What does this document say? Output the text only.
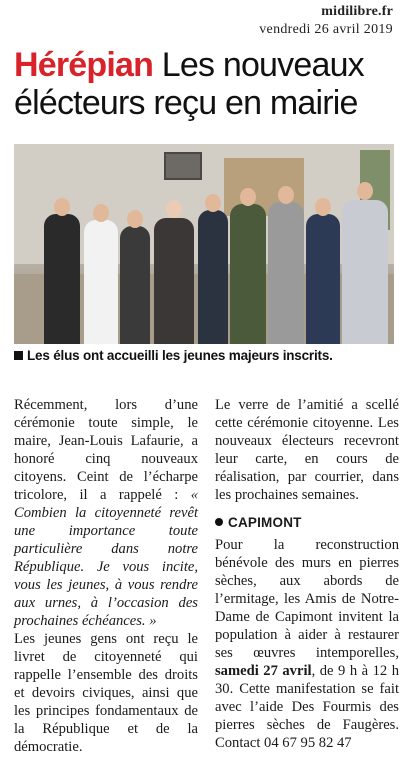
midilibre.fr
vendredi 26 avril 2019
Hérépian Les nouveaux élécteurs reçu en mairie
Les élus ont accueilli les jeunes majeurs inscrits.

Récemment, lors d’une cérémonie toute simple, le maire, Jean-Louis Lafaurie, a honoré cinq nouveaux citoyens. Ceint de l’écharpe tricolore, il a rappelé : « Combien la citoyenneté revêt une importance toute particulière dans notre République. Je vous incite, vous les jeunes, à vous rendre aux urnes, à l’occasion des prochaines échéances. »

Les jeunes gens ont reçu le livret de citoyenneté qui rappelle l’ensemble des droits et devoirs civiques, ainsi que les principes fondamentaux de la République et de la démocratie.

Le verre de l’amitié a scellé cette cérémonie citoyenne. Les nouveaux électeurs recevront leur carte, en cours de réalisation, par courrier, dans les prochaines semaines.

CAPIMONT

Pour la reconstruction bénévole des murs en pierres sèches, aux abords de l’ermitage, les Amis de Notre-Dame de Capimont invitent la population à aider à restaurer ses œuvres intemporelles, samedi 27 avril, de 9 h à 12 h 30. Cette manifestation se fait avec l’aide Des Fourmis des pierres sèches de Faugères. Contact 04 67 95 82 47
